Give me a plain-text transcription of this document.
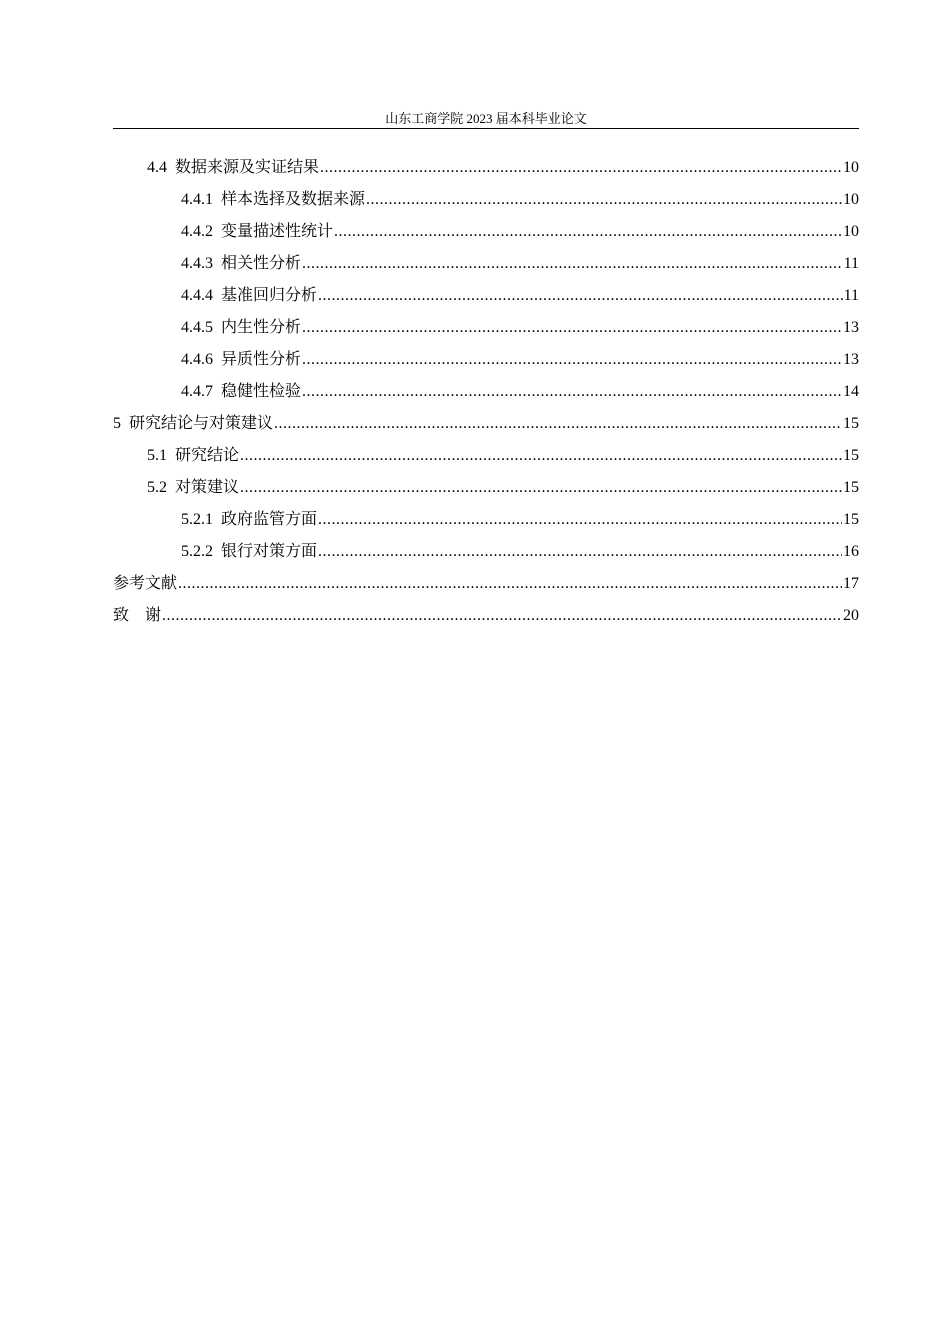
山东工商学院 2023 届本科毕业论文
4.4 数据来源及实证结果 .....	10
4.4.1 样本选择及数据来源 .....	10
4.4.2 变量描述性统计 .....	10
4.4.3 相关性分析 .....	11
4.4.4 基准回归分析 .....	11
4.4.5 内生性分析 .....	13
4.4.6 异质性分析 .....	13
4.4.7 稳健性检验 .....	14
5 研究结论与对策建议 .....	15
5.1 研究结论 .....	15
5.2 对策建议 .....	15
5.2.1 政府监管方面 .....	15
5.2.2 银行对策方面 .....	16
参考文献 .....	17
致　谢 .....	20
